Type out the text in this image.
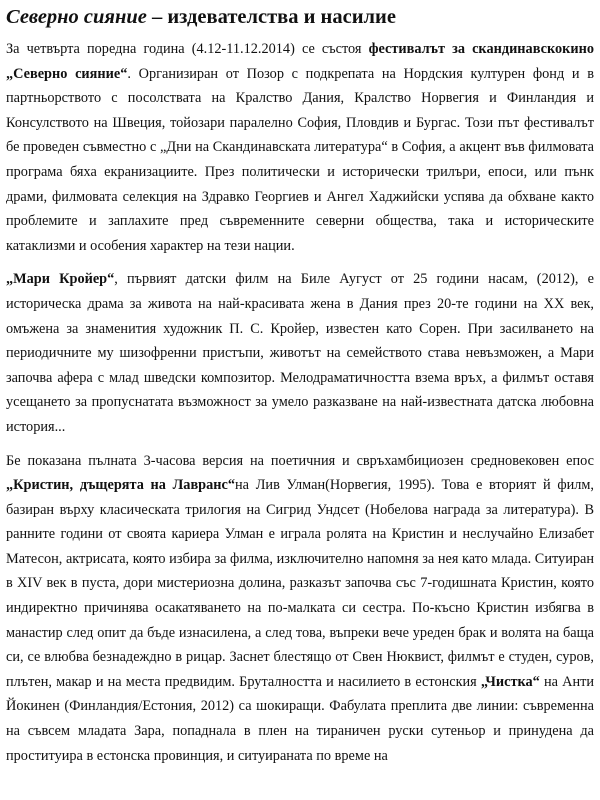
Северно сияние – издевателства и насилие

За четвърта поредна година (4.12-11.12.2014) се състоя фестивалът за скандинавскокино „Северно сияние“. Организиран от Позор с подкрепата на Нордския културен фонд и в партньорството с посолствата на Кралство Дания, Кралство Норвегия и Финландия и Консулството на Швеция, тойозари паралелно София, Пловдив и Бургас. Този път фестивалът бе проведен съвместно с „Дни на Скандинавската литература“ в София, а акцент във филмовата програма бяха екранизациите. През политически и исторически трилъри, епоси, или пънк драми, филмовата селекция на Здравко Георгиев и Ангел Хаджийски успява да обхване както проблемите и заплахите пред съвременните северни общества, така и историческите катаклизми и особения характер на тези нации.

„Мари Кройер“, първият датски филм на Биле Аугуст от 25 години насам, (2012), е историческа драма за живота на най-красивата жена в Дания през 20-те години на XX век, омъжена за знаменития художник П. С. Кройер, известен като Сорен. При засилването на периодичните му шизофренни пристъпи, животът на семейството става невъзможен, а Мари започва афера с млад шведски композитор. Мелодраматичността взема връх, а филмът оставя усещането за пропуснатата възможност за умело разказване на най-известната датска любовна история...

Бе показана пълната 3-часова версия на поетичния и свръхамбициозен средновековен епос „Кристин, дъщерята на Лавранс“на Лив Улман(Норвегия, 1995). Това е вторият й филм, базиран върху класическата трилогия на Сигрид Ундсет (Нобелова награда за литература). В ранните години от своята кариера Улман е играла ролята на Кристин и неслучайно Елизабет Матесон, актрисата, която избира за филма, изключително напомня за нея като млада. Ситуиран в XIV век в пуста, дори мистериозна долина, разказът започва със 7-годишната Кристин, която индиректно причинява осакатяването на по-малката си сестра. По-късно Кристин избягва в манастир след опит да бъде изнасилена, а след това, въпреки вече уреден брак и волята на баща си, се влюбва безнадеждно в рицар. Заснет блестящо от Свен Нюквист, филмът е студен, суров, плътен, макар и на места предвидим. Бруталността и насилието в естонския „Чистка“ на Анти Йокинен (Финландия/Естония, 2012) са шокиращи. Фабулата преплита две линии: съвременна на съвсем младата Зара, попаднала в плен на тираничен руски сутеньор и принудена да проституира в естонска провинция, и ситуираната по време на
